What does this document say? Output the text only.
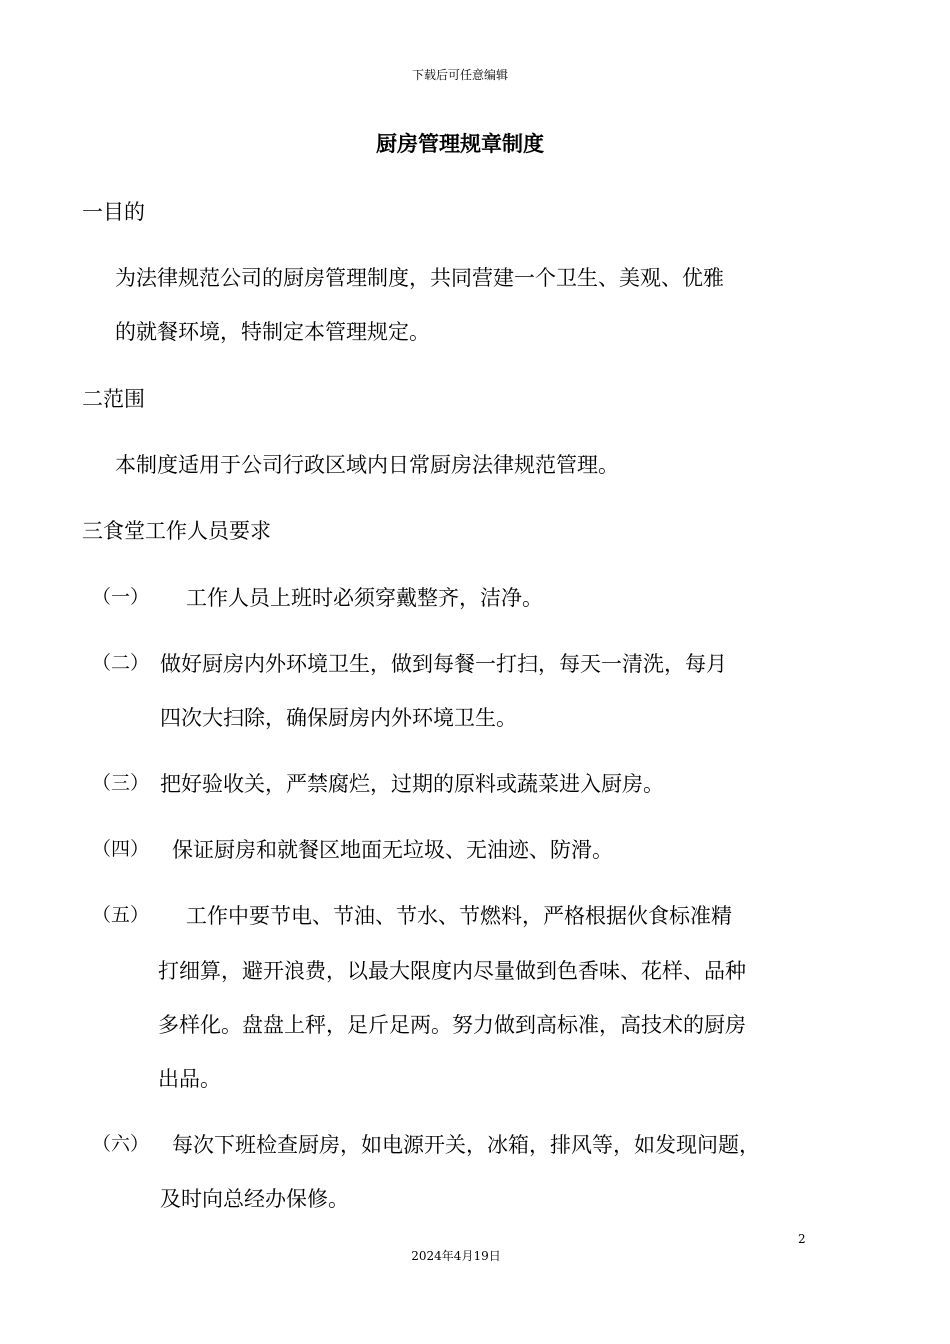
下载后可任意编辑
厨房管理规章制度
一目的
为法律规范公司的厨房管理制度，共同营建一个卫生、美观、优雅
的就餐环境，特制定本管理规定。
二范围
本制度适用于公司行政区域内日常厨房法律规范管理。
三食堂工作人员要求
（一） 工作人员上班时必须穿戴整齐，洁净。
（二） 做好厨房内外环境卫生，做到每餐一打扫，每天一清洗，每月
四次大扫除，确保厨房内外环境卫生。
（三） 把好验收关，严禁腐烂，过期的原料或蔬菜进入厨房。
（四） 保证厨房和就餐区地面无垃圾、无油迹、防滑。
（五） 工作中要节电、节油、节水、节燃料，严格根据伙食标准精
打细算，避开浪费，以最大限度内尽量做到色香味、花样、品种
多样化。盘盘上秤，足斤足两。努力做到高标准，高技术的厨房
出品。
（六） 每次下班检查厨房，如电源开关，冰箱，排风等，如发现问题，
及时向总经办保修。
2
2024年4月19日
